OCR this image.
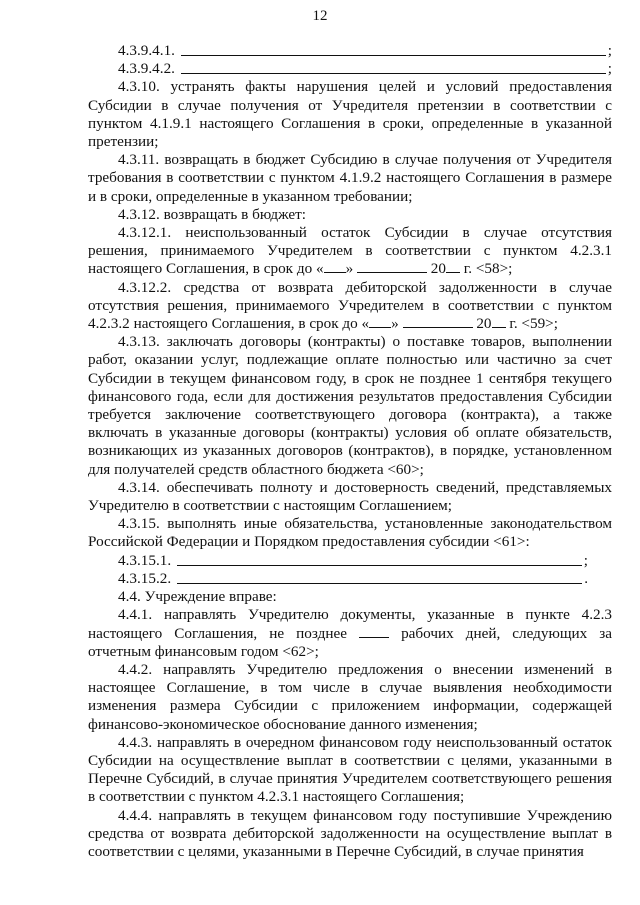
12
4.3.9.4.1.	;
4.3.9.4.2.	;

4.3.10. устранять факты нарушения целей и условий предоставления Субсидии в случае получения от Учредителя претензии в соответствии с пунктом 4.1.9.1 настоящего Соглашения в сроки, определенные в указанной претензии;

4.3.11. возвращать в бюджет Субсидию в случае получения от Учредителя требования в соответствии с пунктом 4.1.9.2 настоящего Соглашения в размере и в сроки, определенные в указанном требовании;

4.3.12. возвращать в бюджет:

4.3.12.1. неиспользованный остаток Субсидии в случае отсутствия решения, принимаемого Учредителем в соответствии с пунктом 4.2.3.1 настоящего Соглашения, в срок до « »	20 г. <58>;

4.3.12.2. средства от возврата дебиторской задолженности в случае отсутствия решения, принимаемого Учредителем в соответствии с пунктом 4.2.3.2 настоящего Соглашения, в срок до « »	20 г. <59>;

4.3.13. заключать договоры (контракты) о поставке товаров, выполнении работ, оказании услуг, подлежащие оплате полностью или частично за счет Субсидии в текущем финансовом году, в срок не позднее 1 сентября текущего финансового года, если для достижения результатов предоставления Субсидии требуется заключение соответствующего договора (контракта), а также включать в указанные договоры (контракты) условия об оплате обязательств, возникающих из указанных договоров (контрактов), в порядке, установленном для получателей средств областного бюджета <60>;

4.3.14. обеспечивать полноту и достоверность сведений, представляемых Учредителю в соответствии с настоящим Соглашением;

4.3.15. выполнять иные обязательства, установленные законодательством Российской Федерации и Порядком предоставления субсидии <61>:

4.3.15.1.	;
4.3.15.2.	.

4.4. Учреждение вправе:

4.4.1. направлять Учредителю документы, указанные в пункте 4.2.3 настоящего Соглашения, не позднее	рабочих дней, следующих за отчетным финансовым годом <62>;

4.4.2. направлять Учредителю предложения о внесении изменений в настоящее Соглашение, в том числе в случае выявления необходимости изменения размера Субсидии с приложением информации, содержащей финансово-экономическое обоснование данного изменения;

4.4.3. направлять в очередном финансовом году неиспользованный остаток Субсидии на осуществление выплат в соответствии с целями, указанными в Перечне Субсидий, в случае принятия Учредителем соответствующего решения в соответствии с пунктом 4.2.3.1 настоящего Соглашения;

4.4.4. направлять в текущем финансовом году поступившие Учреждению средства от возврата дебиторской задолженности на осуществление выплат в соответствии с целями, указанными в Перечне Субсидий, в случае принятия
